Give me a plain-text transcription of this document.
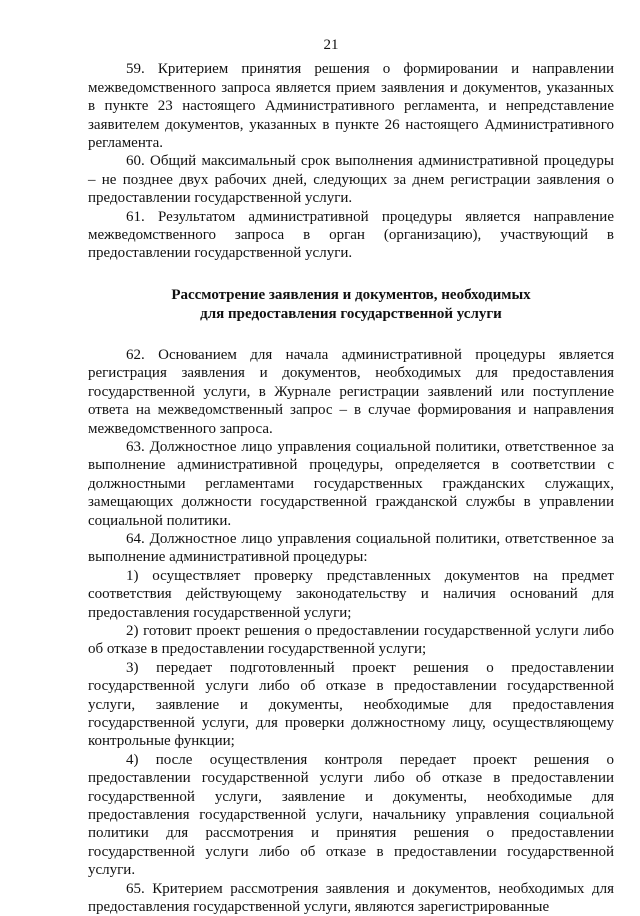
21

59. Критерием принятия решения о формировании и направлении межведомственного запроса является прием заявления и документов, указанных в пункте 23 настоящего Административного регламента, и непредставление заявителем документов, указанных в пункте 26 настоящего Административного регламента.

60. Общий максимальный срок выполнения административной процедуры – не позднее двух рабочих дней, следующих за днем регистрации заявления о предоставлении государственной услуги.

61. Результатом административной процедуры является направление межведомственного запроса в орган (организацию), участвующий в предоставлении государственной услуги.

Рассмотрение заявления и документов, необходимых
для предоставления государственной услуги

62. Основанием для начала административной процедуры является регистрация заявления и документов, необходимых для предоставления государственной услуги, в Журнале регистрации заявлений или поступление ответа на межведомственный запрос – в случае формирования и направления межведомственного запроса.

63. Должностное лицо управления социальной политики, ответственное за выполнение административной процедуры, определяется в соответствии с должностными регламентами государственных гражданских служащих, замещающих должности государственной гражданской службы в управлении социальной политики.

64. Должностное лицо управления социальной политики, ответственное за выполнение административной процедуры:

1) осуществляет проверку представленных документов на предмет соответствия действующему законодательству и наличия оснований для предоставления государственной услуги;

2) готовит проект решения о предоставлении государственной услуги либо об отказе в предоставлении государственной услуги;

3) передает подготовленный проект решения о предоставлении государственной услуги либо об отказе в предоставлении государственной услуги, заявление и документы, необходимые для предоставления государственной услуги, для проверки должностному лицу, осуществляющему контрольные функции;

4) после осуществления контроля передает проект решения о предоставлении государственной услуги либо об отказе в предоставлении государственной услуги, заявление и документы, необходимые для предоставления государственной услуги, начальнику управления социальной политики для рассмотрения и принятия решения о предоставлении государственной услуги либо об отказе в предоставлении государственной услуги.

65. Критерием рассмотрения заявления и документов, необходимых для предоставления государственной услуги, являются зарегистрированные
